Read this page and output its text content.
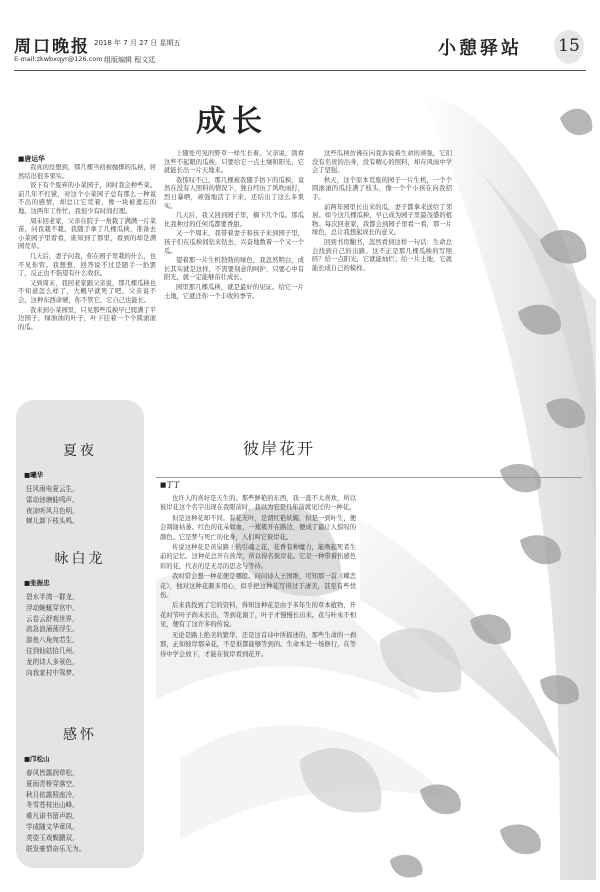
周口晚报 2018 年 7 月 27 日 星期五
E-mail:zkwbxqyr@126.com 组版编辑 程文廷
小憩驿站 15
成长
■唐运华

我真的没想到，那几棵当初被抛掷的瓜秧，居然结出很多果实。

饭下有个废弃的小菜园子，闲时我会种些菜。前几年不打紧，对这个小菜园子总有那么一种说不出的感情，却总让它荒着，像一块被遗忘的地。这两年工作忙，我很少有时间打理。

周末回老家，父亲在院子一角栽了满满一片菜苗，问我栽不栽。我随手拿了几棵瓜秧，准备去小菜园子里看看，谁知到了那里，看到的却是满园荒草。

几天后，妻子问我，你在园子里栽的什么，也不见你管。我想想，回答说不过是随手一扔罢了，反正也不指望有什么收获。

又到周末，我回老家跟父亲说，那几棵瓜秧也不知道怎么样了，大概早就死了吧。父亲说不会，这种东西命硬，你不管它，它自己也能长。

我来到小菜园里，只见那些瓜秧早已爬满了半边园子，绿油油的叶子，叶下挂着一个个圆滚滚的瓜。

上随处可见的野草一样生长着。父亲说，别看这些不起眼的瓜秧，只要给它一点土壤和阳光，它就能长出一片天地来。

我惊叹不已，那几棵被我随手扔下的瓜秧，竟然在没有人照料的情况下，独自经历了风吹雨打，烈日暴晒，顽强地活了下来，还结出了这么多果实。

几天后，我又回到园子里，摘下几个瓜。那瓜比我种过的任何瓜都要香甜。

又一个周末，我带着妻子和孩子来到园子里，孩子们在瓜秧间钻来钻去，兴奋地数着一个又一个瓜。

望着那一片生机勃勃的绿色，我忽然明白，成长其实就是这样，不需要刻意的呵护，只要心中有阳光，就一定能够茁壮成长。

园里那几棵瓜秧，就是最好的见证。给它一片土地，它就还你一个丰收的季节。

这些瓜秧仿佛在向我诉说着生命的顽强，它们没有名贵的出身，没有精心的照料，却在风雨中学会了坚强。

秋天，这个原本荒废的园子一片生机，一个个圆滚滚的瓜挂满了枝头，像一个个小孩在向我招手。

前两年园里长出来的瓜，妻子都拿来送给了邻居。如今这几棵瓜秧，早已成为园子里最茂盛的植物。每次回老家，我都会到园子里看一看，那一片绿色，总让我想起成长的意义。

回到书房翻书，忽然看到这样一句话：生命总会找到自己的出路。这不正是那几棵瓜秧的写照吗？给一点阳光，它就能灿烂；给一片土地，它就能长成自己的模样。

夏夜
■曦华
狂风雨电夏云生，
雷动池塘蛙鸣声。
夜凉听风月色明，
蝉儿卸下枝头鸣。
咏白龙
■张振忠
碧水半湾一群龙，
浮动蜿蜒穿宫中。
云卷云舒观世界，
流急浪涌荡浮生。
游鱼八角宛若生，
往到仙姑拾几州。
龙的诗人多景色，
向我家村中驾梦。
感怀
■邝松山
春风皆露润草松，
夏雨青桥穿落空。
秋月依露照座冷，
冬雪苍枝出山峰。
难凡诺书留声韵，
学成随文华章风。
英姿玉戏鬓鹏双，
联发豪情奋乐无为。
彼岸花开
■丁丁

也许人的喜好是天生的。那些鲜艳的东西，我一直不太喜欢，所以彼岸花这个名字出现在我眼前时，我以为它是几年前就见过的一种花。

但是这种花却不同。有花无叶，是谓红艳妖媚，但是一到叶生，便会凋谢枯萎。红色的花朵如血，一簇簇开在路边，便成了最让人惊叹的颜色。它是梦与死亡的化身，人们叫它彼岸花。

传说这种花是黄泉路上的引魂之花，花香有种魔力，能唤起死者生前的记忆。这种花总开在彼岸，所以得名彼岸花。它是一种带着伤感色彩的花，代表的是无尽的思念与等待。

我时常会想一种花便是哪般。问问诗人王国维，可知那一首《蝶恋花》，独对这种花颇多用心，似乎把这种花写得过于凄美，甚至有些忧伤。

后来我找到了它的资料，得知这种花是由于多年生的草本植物，开花时节叶子尚未长出，等到花谢了，叶子才慢慢长出来。花与叶永不相见，便有了这许多的传说。

无论是路上绝美的繁华，还是这首诗中所描述的，那些生命的一刹那，正如彼岸那朵花，不是谁都能够等到的。生命本是一场修行，在等待中学会放下，才能在彼岸看到花开。
